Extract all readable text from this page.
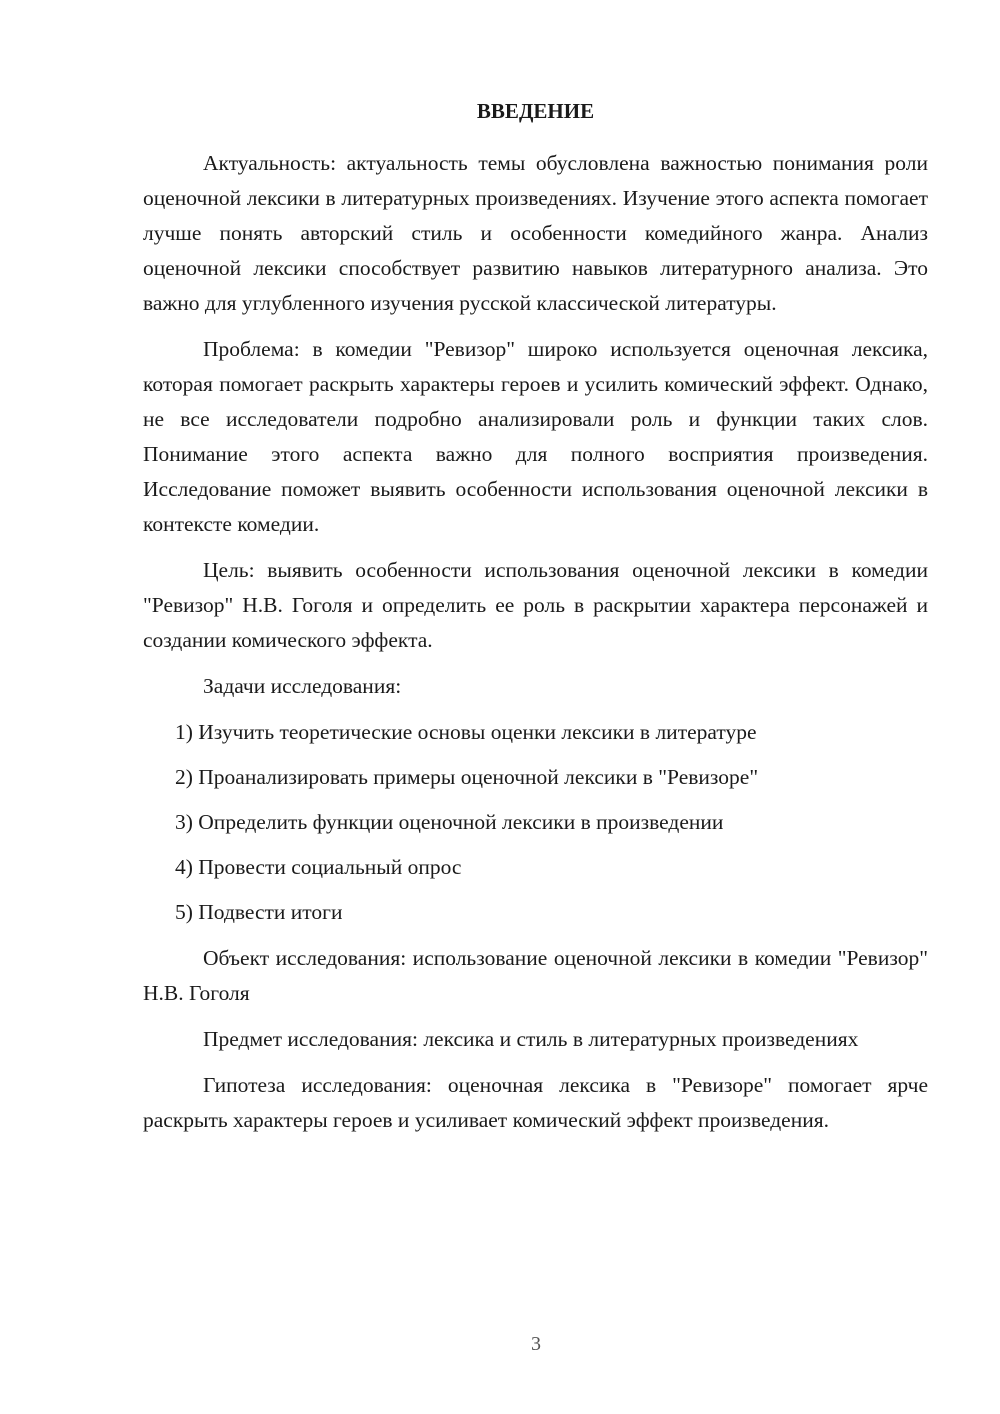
ВВЕДЕНИЕ

Актуальность: актуальность темы обусловлена важностью понимания роли оценочной лексики в литературных произведениях. Изучение этого аспекта помогает лучше понять авторский стиль и особенности комедийного жанра. Анализ оценочной лексики способствует развитию навыков литературного анализа. Это важно для углубленного изучения русской классической литературы.

Проблема: в комедии "Ревизор" широко используется оценочная лексика, которая помогает раскрыть характеры героев и усилить комический эффект. Однако, не все исследователи подробно анализировали роль и функции таких слов. Понимание этого аспекта важно для полного восприятия произведения. Исследование поможет выявить особенности использования оценочной лексики в контексте комедии.

Цель: выявить особенности использования оценочной лексики в комедии "Ревизор" Н.В. Гоголя и определить ее роль в раскрытии характера персонажей и создании комического эффекта.

Задачи исследования:

1) Изучить теоретические основы оценки лексики в литературе
2) Проанализировать примеры оценочной лексики в "Ревизоре"
3) Определить функции оценочной лексики в произведении
4) Провести социальный опрос
5) Подвести итоги

Объект исследования: использование оценочной лексики в комедии "Ревизор" Н.В. Гоголя

Предмет исследования: лексика и стиль в литературных произведениях

Гипотеза исследования: оценочная лексика в "Ревизоре" помогает ярче раскрыть характеры героев и усиливает комический эффект произведения.

3
